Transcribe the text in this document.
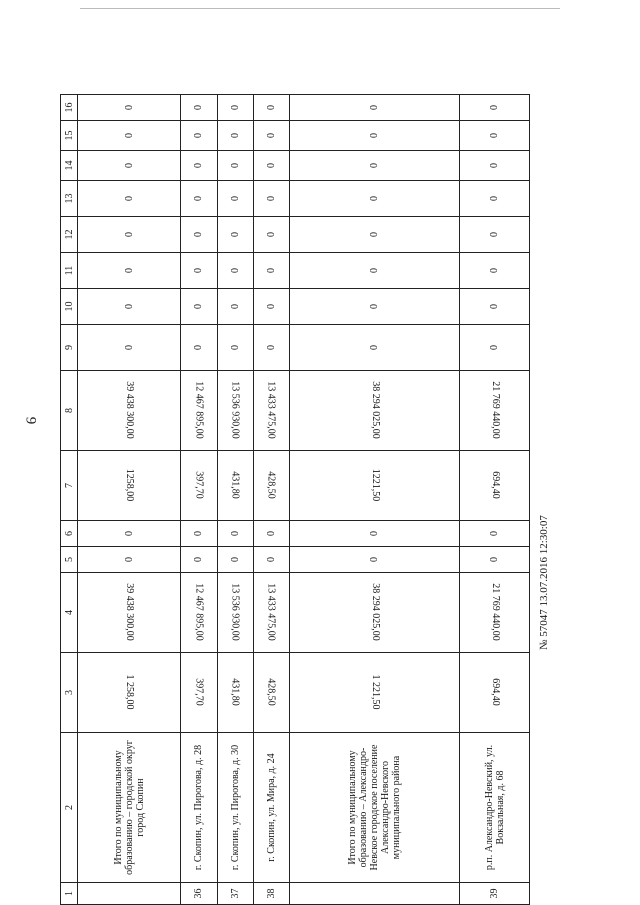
9
1	2	3	4	5	6	7	8	9	10	11	12	13	14	15	16
	Итого по муниципальному образованию – городской округ город Скопин	1 258,00	39 438 300,00	0	0	1258,00	39 438 300,00	0	0	0	0	0	0	0	0
36	г. Скопин, ул. Пирогова, д. 28	397,70	12 467 895,00	0	0	397,70	12 467 895,00	0	0	0	0	0	0	0	0
37	г. Скопин, ул. Пирогова, д. 30	431,80	13 536 930,00	0	0	431,80	13 536 930,00	0	0	0	0	0	0	0	0
38	г. Скопин, ул. Мира, д. 24	428,50	13 433 475,00	0	0	428,50	13 433 475,00	0	0	0	0	0	0	0	0
	Итого по муниципальному образованию – Александро-Невское городское поселение Александро-Невского муниципального района	1 221,50	38 294 025,00	0	0	1221,50	38 294 025,00	0	0	0	0	0	0	0	0
39	р.п. Александро-Невский, ул. Вокзальная, д. 68	694,40	21 769 440,00	0	0	694,40	21 769 440,00	0	0	0	0	0	0	0	0
№ 57047 13.07.2016 12:30:07
